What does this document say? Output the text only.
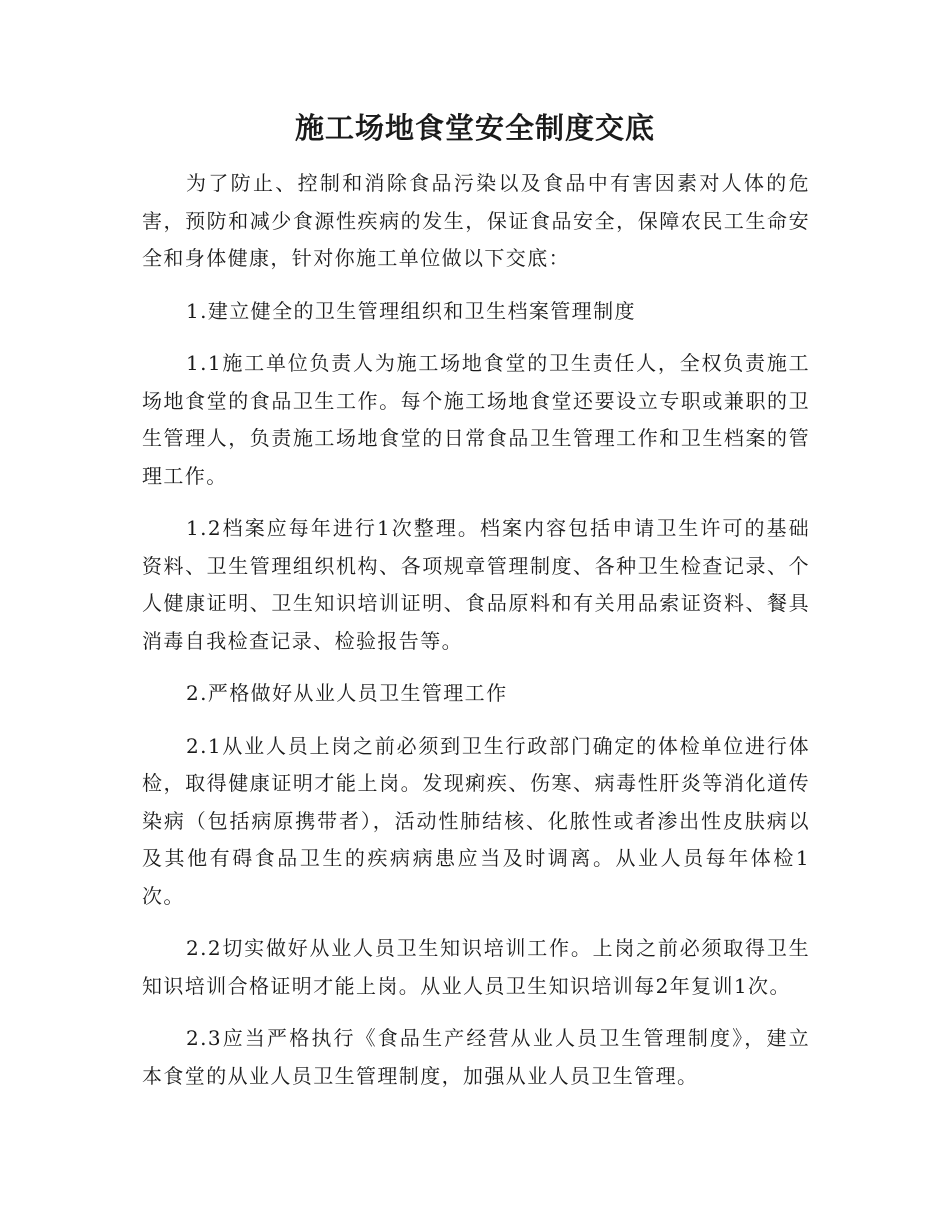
施工场地食堂安全制度交底

为了防止、控制和消除食品污染以及食品中有害因素对人体的危害，预防和减少食源性疾病的发生，保证食品安全，保障农民工生命安全和身体健康，针对你施工单位做以下交底：

1.建立健全的卫生管理组织和卫生档案管理制度

1.1施工单位负责人为施工场地食堂的卫生责任人，全权负责施工场地食堂的食品卫生工作。每个施工场地食堂还要设立专职或兼职的卫生管理人，负责施工场地食堂的日常食品卫生管理工作和卫生档案的管理工作。

1.2档案应每年进行1次整理。档案内容包括申请卫生许可的基础资料、卫生管理组织机构、各项规章管理制度、各种卫生检查记录、个人健康证明、卫生知识培训证明、食品原料和有关用品索证资料、餐具消毒自我检查记录、检验报告等。

2.严格做好从业人员卫生管理工作

2.1从业人员上岗之前必须到卫生行政部门确定的体检单位进行体检，取得健康证明才能上岗。发现痢疾、伤寒、病毒性肝炎等消化道传染病（包括病原携带者），活动性肺结核、化脓性或者渗出性皮肤病以及其他有碍食品卫生的疾病病患应当及时调离。从业人员每年体检1次。

2.2切实做好从业人员卫生知识培训工作。上岗之前必须取得卫生知识培训合格证明才能上岗。从业人员卫生知识培训每2年复训1次。

2.3应当严格执行《食品生产经营从业人员卫生管理制度》，建立本食堂的从业人员卫生管理制度，加强从业人员卫生管理。
